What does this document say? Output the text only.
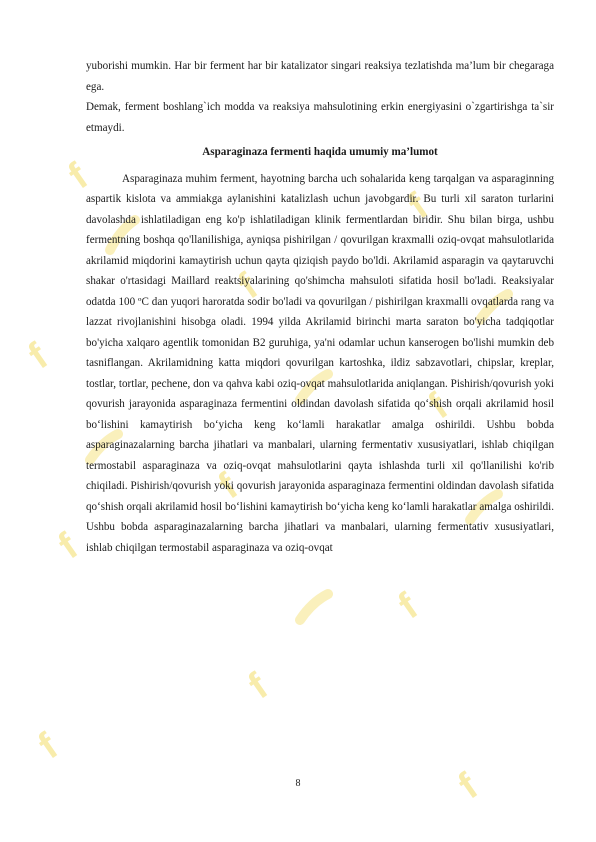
f
f
f
f
f
f
f
f
f
f
f

yuborishi mumkin. Har bir ferment har bir katalizator singari reaksiya tezlatishda ma’lum bir chegaraga ega.

Demak, ferment boshlang`ich modda va reaksiya mahsulotining erkin energiyasini o`zgartirishga ta`sir etmaydi.

Asparaginaza fermenti haqida umumiy ma’lumot

Asparaginaza muhim ferment, hayotning barcha uch sohalarida keng tarqalgan va asparaginning aspartik kislota va ammiakga aylanishini katalizlash uchun javobgardir. Bu turli xil saraton turlarini davolashda ishlatiladigan eng ko'p ishlatiladigan klinik fermentlardan biridir. Shu bilan birga, ushbu fermentning boshqa qo'llanilishiga, ayniqsa pishirilgan / qovurilgan kraxmalli oziq-ovqat mahsulotlarida akrilamid miqdorini kamaytirish uchun qayta qiziqish paydo bo'ldi. Akrilamid asparagin va qaytaruvchi shakar o'rtasidagi Maillard reaktsiyalarining qo'shimcha mahsuloti sifatida hosil bo'ladi. Reaksiyalar odatda 100 ºC dan yuqori haroratda sodir bo'ladi va qovurilgan / pishirilgan kraxmalli ovqatlarda rang va lazzat rivojlanishini hisobga oladi. 1994 yilda Akrilamid birinchi marta saraton bo'yicha tadqiqotlar bo'yicha xalqaro agentlik tomonidan B2 guruhiga, ya'ni odamlar uchun kanserogen bo'lishi mumkin deb tasniflangan. Akrilamidning katta miqdori qovurilgan kartoshka, ildiz sabzavotlari, chipslar, kreplar, tostlar, tortlar, pechene, don va qahva kabi oziq-ovqat mahsulotlarida aniqlangan. Pishirish/qovurish yoki qovurish jarayonida asparaginaza fermentini oldindan davolash sifatida qo‘shish orqali akrilamid hosil bo‘lishini kamaytirish bo‘yicha keng ko‘lamli harakatlar amalga oshirildi. Ushbu bobda asparaginazalarning barcha jihatlari va manbalari, ularning fermentativ xususiyatlari, ishlab chiqilgan termostabil asparaginaza va oziq-ovqat mahsulotlarini qayta ishlashda turli xil qo'llanilishi ko'rib chiqiladi. Pishirish/qovurish yoki qovurish jarayonida asparaginaza fermentini oldindan davolash sifatida qo‘shish orqali akrilamid hosil bo‘lishini kamaytirish bo‘yicha keng ko‘lamli harakatlar amalga oshirildi. Ushbu bobda asparaginazalarning barcha jihatlari va manbalari, ularning fermentativ xususiyatlari, ishlab chiqilgan termostabil asparaginaza va oziq-ovqat

8
